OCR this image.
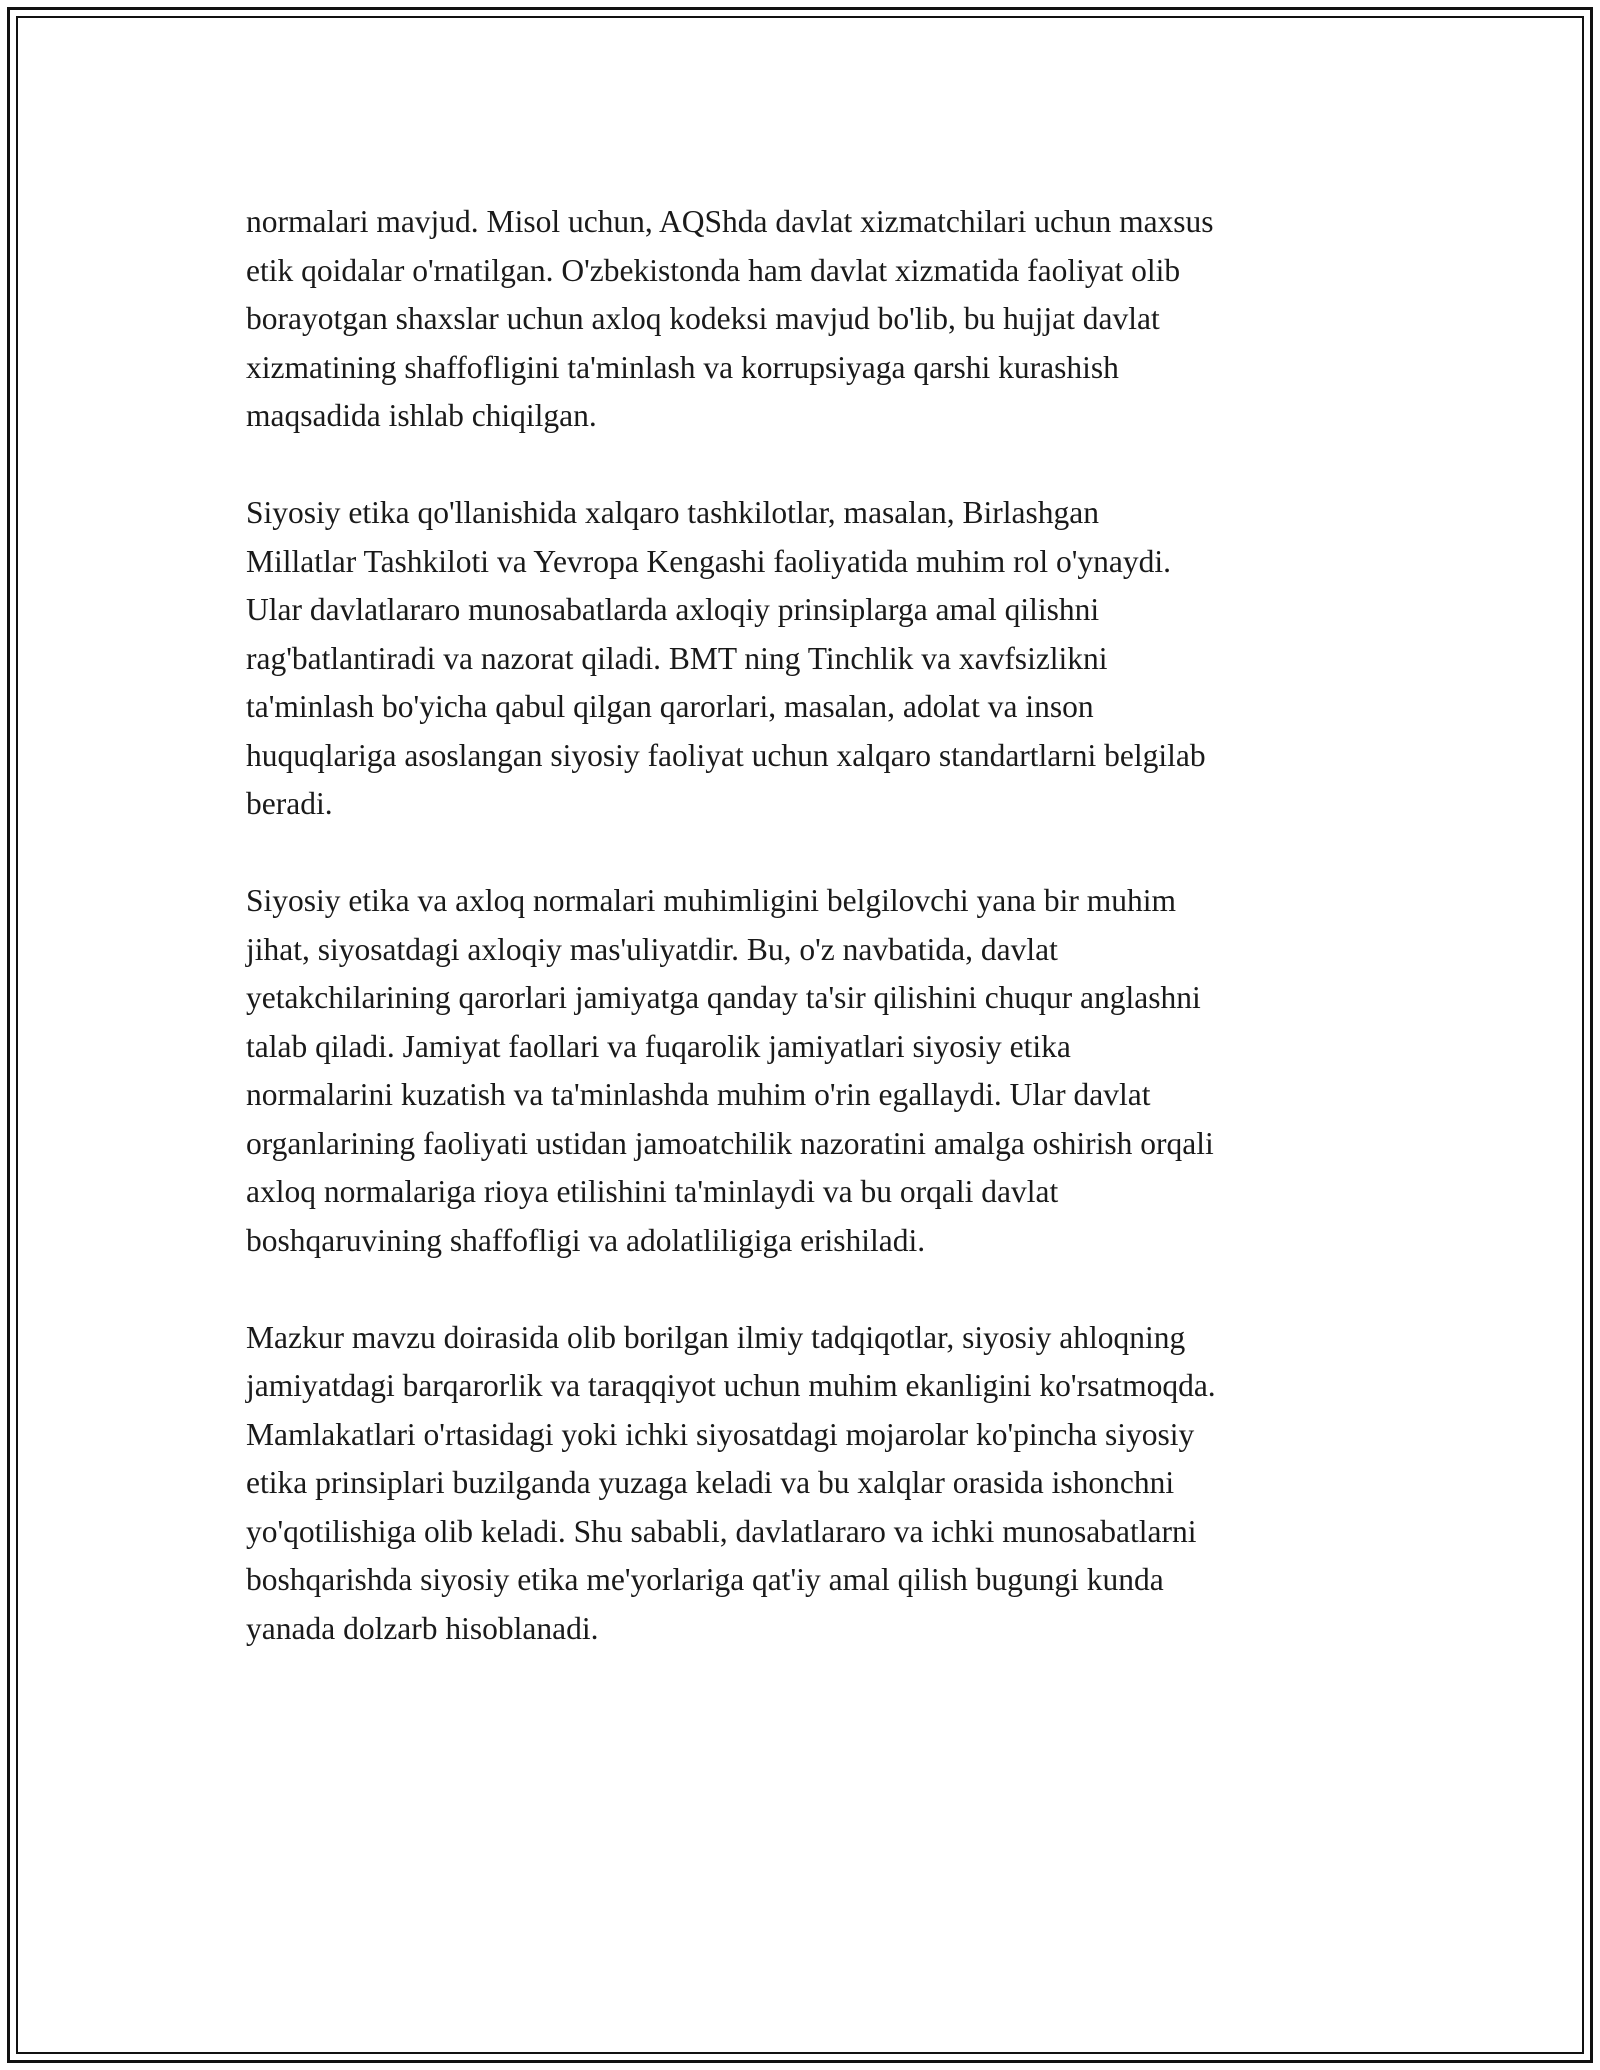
normalari mavjud. Misol uchun, AQShda davlat xizmatchilari uchun maxsus
etik qoidalar o'rnatilgan. O'zbekistonda ham davlat xizmatida faoliyat olib
borayotgan shaxslar uchun axloq kodeksi mavjud bo'lib, bu hujjat davlat
xizmatining shaffofligini ta'minlash va korrupsiyaga qarshi kurashish
maqsadida ishlab chiqilgan.
Siyosiy etika qo'llanishida xalqaro tashkilotlar, masalan, Birlashgan
Millatlar Tashkiloti va Yevropa Kengashi faoliyatida muhim rol o'ynaydi.
Ular davlatlararo munosabatlarda axloqiy prinsiplarga amal qilishni
rag'batlantiradi va nazorat qiladi. BMT ning Tinchlik va xavfsizlikni
ta'minlash bo'yicha qabul qilgan qarorlari, masalan, adolat va inson
huquqlariga asoslangan siyosiy faoliyat uchun xalqaro standartlarni belgilab
beradi.
Siyosiy etika va axloq normalari muhimligini belgilovchi yana bir muhim
jihat, siyosatdagi axloqiy mas'uliyatdir. Bu, o'z navbatida, davlat
yetakchilarining qarorlari jamiyatga qanday ta'sir qilishini chuqur anglashni
talab qiladi. Jamiyat faollari va fuqarolik jamiyatlari siyosiy etika
normalarini kuzatish va ta'minlashda muhim o'rin egallaydi. Ular davlat
organlarining faoliyati ustidan jamoatchilik nazoratini amalga oshirish orqali
axloq normalariga rioya etilishini ta'minlaydi va bu orqali davlat
boshqaruvining shaffofligi va adolatliligiga erishiladi.
Mazkur mavzu doirasida olib borilgan ilmiy tadqiqotlar, siyosiy ahloqning
jamiyatdagi barqarorlik va taraqqiyot uchun muhim ekanligini ko'rsatmoqda.
Mamlakatlari o'rtasidagi yoki ichki siyosatdagi mojarolar ko'pincha siyosiy
etika prinsiplari buzilganda yuzaga keladi va bu xalqlar orasida ishonchni
yo'qotilishiga olib keladi. Shu sababli, davlatlararo va ichki munosabatlarni
boshqarishda siyosiy etika me'yorlariga qat'iy amal qilish bugungi kunda
yanada dolzarb hisoblanadi.
